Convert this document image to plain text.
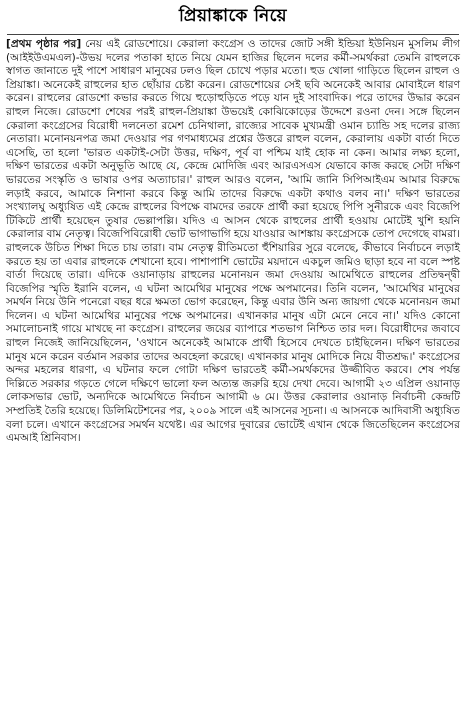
প্রিয়াঙ্কাকে নিয়ে

[প্রথম পৃষ্ঠার পর] নেয় এই রোডশোয়ে। কেরালা কংগ্রেস ও তাদের জোট সঙ্গী ইন্ডিয়া ইউনিয়ন মুসলিম লীগ (আইইউএমএল)-উভয় দলের পতাকা হাতে নিয়ে যেমন হাজির ছিলেন দলের কর্মী-সমর্থকরা তেমনি রাহুলকে স্বাগত জানাতে দুই পাশে সাধারণ মানুষের ঢলও ছিল চোখে পড়ার মতো। হুড খোলা গাড়িতে ছিলেন রাহুল ও প্রিয়াঙ্কা। অনেকেই রাহুলের হাত ছোঁয়ার চেষ্টা করেন। রোডশোয়ের সেই ছবি অনেকেই আবার মোবাইলে ধারণ করেন। রাহুলের রোডশো কভার করতে গিয়ে হুড়োহুড়িতে পড়ে যান দুই সাংবাদিক। পরে তাদের উদ্ধার করেন রাহুল নিজে। রোডশো শেষের পরই রাহুল-প্রিয়াঙ্কা উভয়েই কোঝিকোড়ের উদ্দেশে রওনা দেন। সঙ্গে ছিলেন কেরালা কংগ্রেসের বিরোধী দলনেতা রমেশ চেনিথালা, রাজ্যের সাবেক মুখ্যমন্ত্রী ওমান চ্যান্ডি সহ দলের রাজ্য নেতারা। মনোনয়নপত্র জমা দেওয়ার পর গণমাধ্যমের প্রশ্নের উত্তরে রাহুল বলেন, কেরালায় একটা বার্তা দিতে এসেছি, তা হলো 'ভারত একটাই-সেটা উত্তর, দক্ষিণ, পূর্ব বা পশ্চিম যাই হোক না কেন। আমার লক্ষ্য হলো, দক্ষিণ ভারতের একটা অনুভূতি আছে যে, কেন্দ্রে মোদিজি এবং আরএসএস যেভাবে কাজ করছে সেটা দক্ষিণ ভারতের সংস্কৃতি ও ভাষার ওপর অত্যাচার।' রাহুল আরও বলেন, 'আমি জানি সিপিআইএম আমার বিরুদ্ধে লড়াই করবে, আমাকে নিশানা করবে কিন্তু আমি তাদের বিরুদ্ধে একটা কথাও বলব না।' দক্ষিণ ভারতের সংখ্যালঘু অধ্যুষিত এই কেন্দ্রে রাহুলের বিপক্ষে বামদের তরফে প্রার্থী করা হয়েছে পিপি সুনীরকে এবং বিজেপি টিকিটে প্রার্থী হয়েছেন তুষার ভেল্লাপল্লি। যদিও এ আসন থেকে রাহুলের প্রার্থী হওয়ায় মোটেই খুশি হয়নি কেরালার বাম নেতৃত্ব। বিজেপিবিরোধী ভোট ভাগাভাগি হয়ে যাওয়ার আশঙ্কায় কংগ্রেসকে তোপ দেগেছে বামরা। রাহুলকে উচিত শিক্ষা দিতে চায় তারা। বাম নেতৃত্ব রীতিমতো হুঁশিয়ারির সুরে বলেছে, কীভাবে নির্বাচনে লড়াই করতে হয় তা এবার রাহুলকে শেখানো হবে। পাশাপাশি ভোটের ময়দানে একচুল জমিও ছাড়া হবে না বলে স্পষ্ট বার্তা দিয়েছে তারা। এদিকে ওয়ানাড়ায় রাহুলের মনোনয়ন জমা দেওয়ায় আমেথিতে রাহুলের প্রতিদ্বন্দ্বী বিজেপির স্মৃতি ইরানি বলেন, এ ঘটনা আমেথির মানুষের পক্ষে অপমানের। তিনি বলেন, 'আমেথির মানুষের সমর্থন নিয়ে উনি পনেরো বছর ধরে ক্ষমতা ভোগ করেছেন, কিন্তু এবার উনি অন্য জায়গা থেকে মনোনয়ন জমা দিলেন। এ ঘটনা আমেথির মানুষের পক্ষে অপমানের। এখানকার মানুষ এটা মেনে নেবে না।' যদিও কোনো সমালোচনাই গায়ে মাখছে না কংগ্রেস। রাহুলের জয়ের ব্যাপারে শতভাগ নিশ্চিত তার দল। বিরোধীদের জবাবে রাহুল নিজেই জানিয়েছিলেন, 'ওখানে অনেকেই আমাকে প্রার্থী হিসেবে দেখতে চাইছিলেন। দক্ষিণ ভারতের মানুষ মনে করেন বর্তমান সরকার তাদের অবহেলা করেছে। এখানকার মানুষ মোদিকে নিয়ে বীতশ্রদ্ধ।' কংগ্রেসের অন্দর মহলের ধারণা, এ ঘটনার ফলে গোটা দক্ষিণ ভারতেই কর্মী-সমর্থকদের উজ্জীবিত করবে। শেষ পর্যন্ত দিল্লিতে সরকার গড়তে গেলে দক্ষিণে ভালো ফল অত্যন্ত জরুরি হয়ে দেখা দেবে। আগামী ২৩ এপ্রিল ওয়ানাড় লোকসভার ভোট, অন্যদিকে আমেথিতে নির্বাচন আগামী ৬ মে। উত্তর কেরালার ওয়ানাড় নির্বাচনী কেন্দ্রটি সম্প্রতিই তৈরি হয়েছে। ডিলিমিটেশনের পর, ২০০৯ সালে এই আসনের সূচনা। এ আসনকে আদিবাসী অধ্যুষিত বলা চলে। এখানে কংগ্রেসের সমর্থন যথেষ্ট। এর আগের দুবারের ভোটেই এখান থেকে জিতেছিলেন কংগ্রেসের এমআই শ্রিনিবাস।
